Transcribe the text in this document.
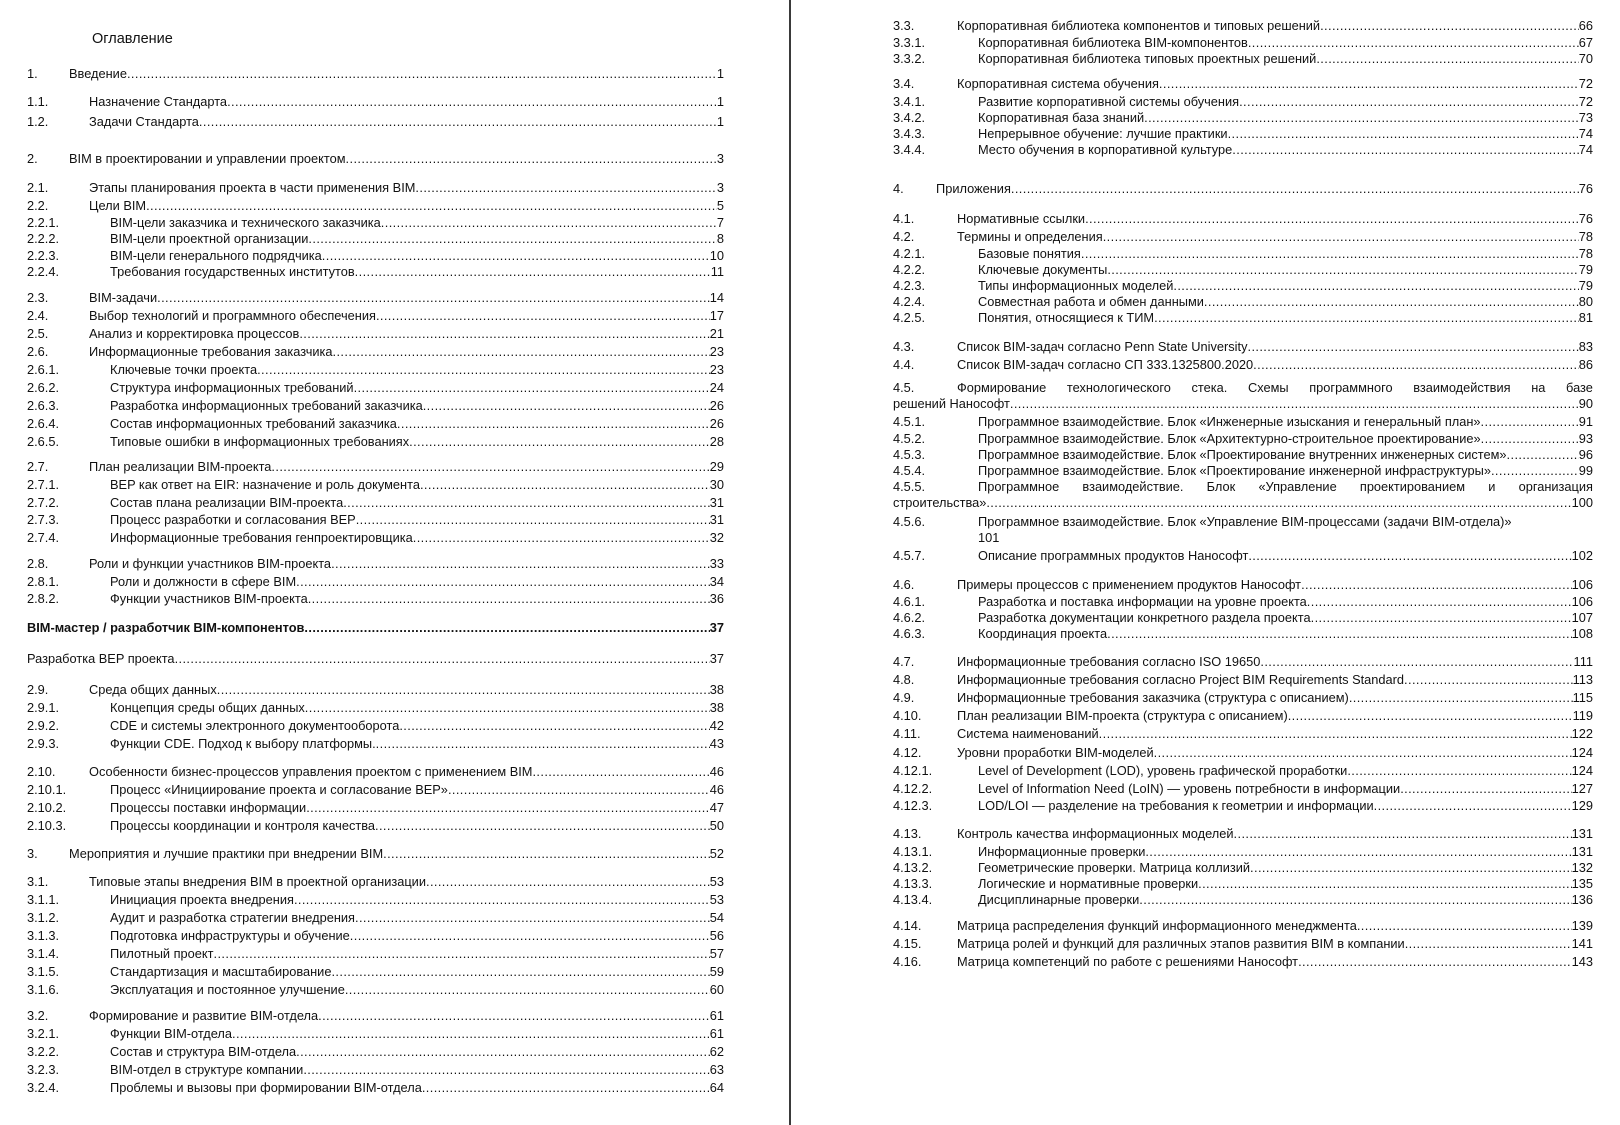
Оглавление
1. Введение .....	1
1.1.	Назначение Стандарта .....	1
1.2.	Задачи Стандарта .....	1
2. BIM в проектировании и управлении проектом .....	3
2.1.	Этапы планирования проекта в части применения BIM .....	3
2.2.	Цели BIM .....	5
2.2.1.	BIM-цели заказчика и технического заказчика .....	7
2.2.2.	BIM-цели проектной организации .....	8
2.2.3.	BIM-цели генерального подрядчика .....	10
2.2.4.	Требования государственных институтов .....	11
2.3.	BIM-задачи .....	14
2.4.	Выбор технологий и программного обеспечения .....	17
2.5.	Анализ и корректировка процессов .....	21
2.6.	Информационные требования заказчика .....	23
2.6.1.	Ключевые точки проекта .....	23
2.6.2.	Структура информационных требований .....	24
2.6.3.	Разработка информационных требований заказчика .....	26
2.6.4.	Состав информационных требований заказчика .....	26
2.6.5.	Типовые ошибки в информационных требованиях .....	28
2.7.	План реализации BIM-проекта .....	29
2.7.1.	BEP как ответ на EIR: назначение и роль документа .....	30
2.7.2.	Состав плана реализации BIM-проекта .....	31
2.7.3.	Процесс разработки и согласования BEP .....	31
2.7.4.	Информационные требования генпроектировщика .....	32
2.8.	Роли и функции участников BIM-проекта .....	33
2.8.1.	Роли и должности в сфере BIM .....	34
2.8.2.	Функции участников BIM-проекта .....	36
BIM-мастер / разработчик BIM-компонентов .....	37
Разработка BEP проекта .....	37
2.9.	Среда общих данных .....	38
2.9.1.	Концепция среды общих данных .....	38
2.9.2.	CDE и системы электронного документооборота .....	42
2.9.3.	Функции CDE. Подход к выбору платформы. .....	43
2.10.	Особенности бизнес-процессов управления проектом с применением BIM .....	46
2.10.1.	Процесс «Инициирование проекта и согласование BEP» .....	46
2.10.2.	Процессы поставки информации .....	47
2.10.3.	Процессы координации и контроля качества .....	50
3. Мероприятия и лучшие практики при внедрении BIM .....	52
3.1.	Типовые этапы внедрения BIM в проектной организации .....	53
3.1.1.	Инициация проекта внедрения .....	53
3.1.2.	Аудит и разработка стратегии внедрения .....	54
3.1.3.	Подготовка инфраструктуры и обучение .....	56
3.1.4.	Пилотный проект .....	57
3.1.5.	Стандартизация и масштабирование .....	59
3.1.6.	Эксплуатация и постоянное улучшение .....	60
3.2.	Формирование и развитие BIM-отдела .....	61
3.2.1.	Функции BIM-отдела .....	61
3.2.2.	Состав и структура BIM-отдела .....	62
3.2.3.	BIM-отдел в структуре компании .....	63
3.2.4.	Проблемы и вызовы при формировании BIM-отдела .....	64
3.3.	Корпоративная библиотека компонентов и типовых решений .....	66
3.3.1.	Корпоративная библиотека BIM-компонентов .....	67
3.3.2.	Корпоративная библиотека типовых проектных решений .....	70
3.4.	Корпоративная система обучения .....	72
3.4.1.	Развитие корпоративной системы обучения .....	72
3.4.2.	Корпоративная база знаний .....	73
3.4.3.	Непрерывное обучение: лучшие практики .....	74
3.4.4.	Место обучения в корпоративной культуре .....	74
4.	Приложения .....	76
4.1.	Нормативные ссылки .....	76
4.2.	Термины и определения .....	78
4.2.1.	Базовые понятия .....	78
4.2.2.	Ключевые документы .....	79
4.2.3.	Типы информационных моделей .....	79
4.2.4.	Совместная работа и обмен данными .....	80
4.2.5.	Понятия, относящиеся к ТИМ .....	81
4.3.	Список BIM-задач согласно Penn State University .....	83
4.4.	Список BIM-задач согласно СП 333.1325800.2020 .....	86
4.5.	Формирование технологического стека. Схемы программного взаимодействия на базе
решений Нанософт .....	90
4.5.1.	Программное взаимодействие. Блок «Инженерные изыскания и генеральный план» .....	91
4.5.2.	Программное взаимодействие. Блок «Архитектурно-строительное проектирование» .....	93
4.5.3.	Программное взаимодействие. Блок «Проектирование внутренних инженерных систем» .....	96
4.5.4.	Программное взаимодействие. Блок «Проектирование инженерной инфраструктуры» .....	99
4.5.5.	Программное взаимодействие. Блок «Управление проектированием и организация
строительства» .....	100
4.5.6.	Программное взаимодействие. Блок «Управление BIM-процессами (задачи BIM-отдела)»
101
4.5.7.	Описание программных продуктов Нанософт .....	102
4.6.	Примеры процессов с применением продуктов Нанософт .....	106
4.6.1.	Разработка и поставка информации на уровне проекта .....	106
4.6.2.	Разработка документации конкретного раздела проекта .....	107
4.6.3.	Координация проекта .....	108
4.7.	Информационные требования согласно ISO 19650 .....	111
4.8.	Информационные требования согласно Project BIM Requirements Standard .....	113
4.9.	Информационные требования заказчика (структура с описанием) .....	115
4.10.	План реализации BIM-проекта (структура с описанием) .....	119
4.11.	Система наименований .....	122
4.12.	Уровни проработки BIM-моделей .....	124
4.12.1.	Level of Development (LOD), уровень графической проработки .....	124
4.12.2.	Level of Information Need (LoIN) — уровень потребности в информации .....	127
4.12.3.	LOD/LOI — разделение на требования к геометрии и информации .....	129
4.13.	Контроль качества информационных моделей .....	131
4.13.1.	Информационные проверки .....	131
4.13.2.	Геометрические проверки. Матрица коллизий .....	132
4.13.3.	Логические и нормативные проверки .....	135
4.13.4.	Дисциплинарные проверки .....	136
4.14.	Матрица распределения функций информационного менеджмента .....	139
4.15.	Матрица ролей и функций для различных этапов развития BIM в компании .....	141
4.16.	Матрица компетенций по работе с решениями Нанософт .....	143
